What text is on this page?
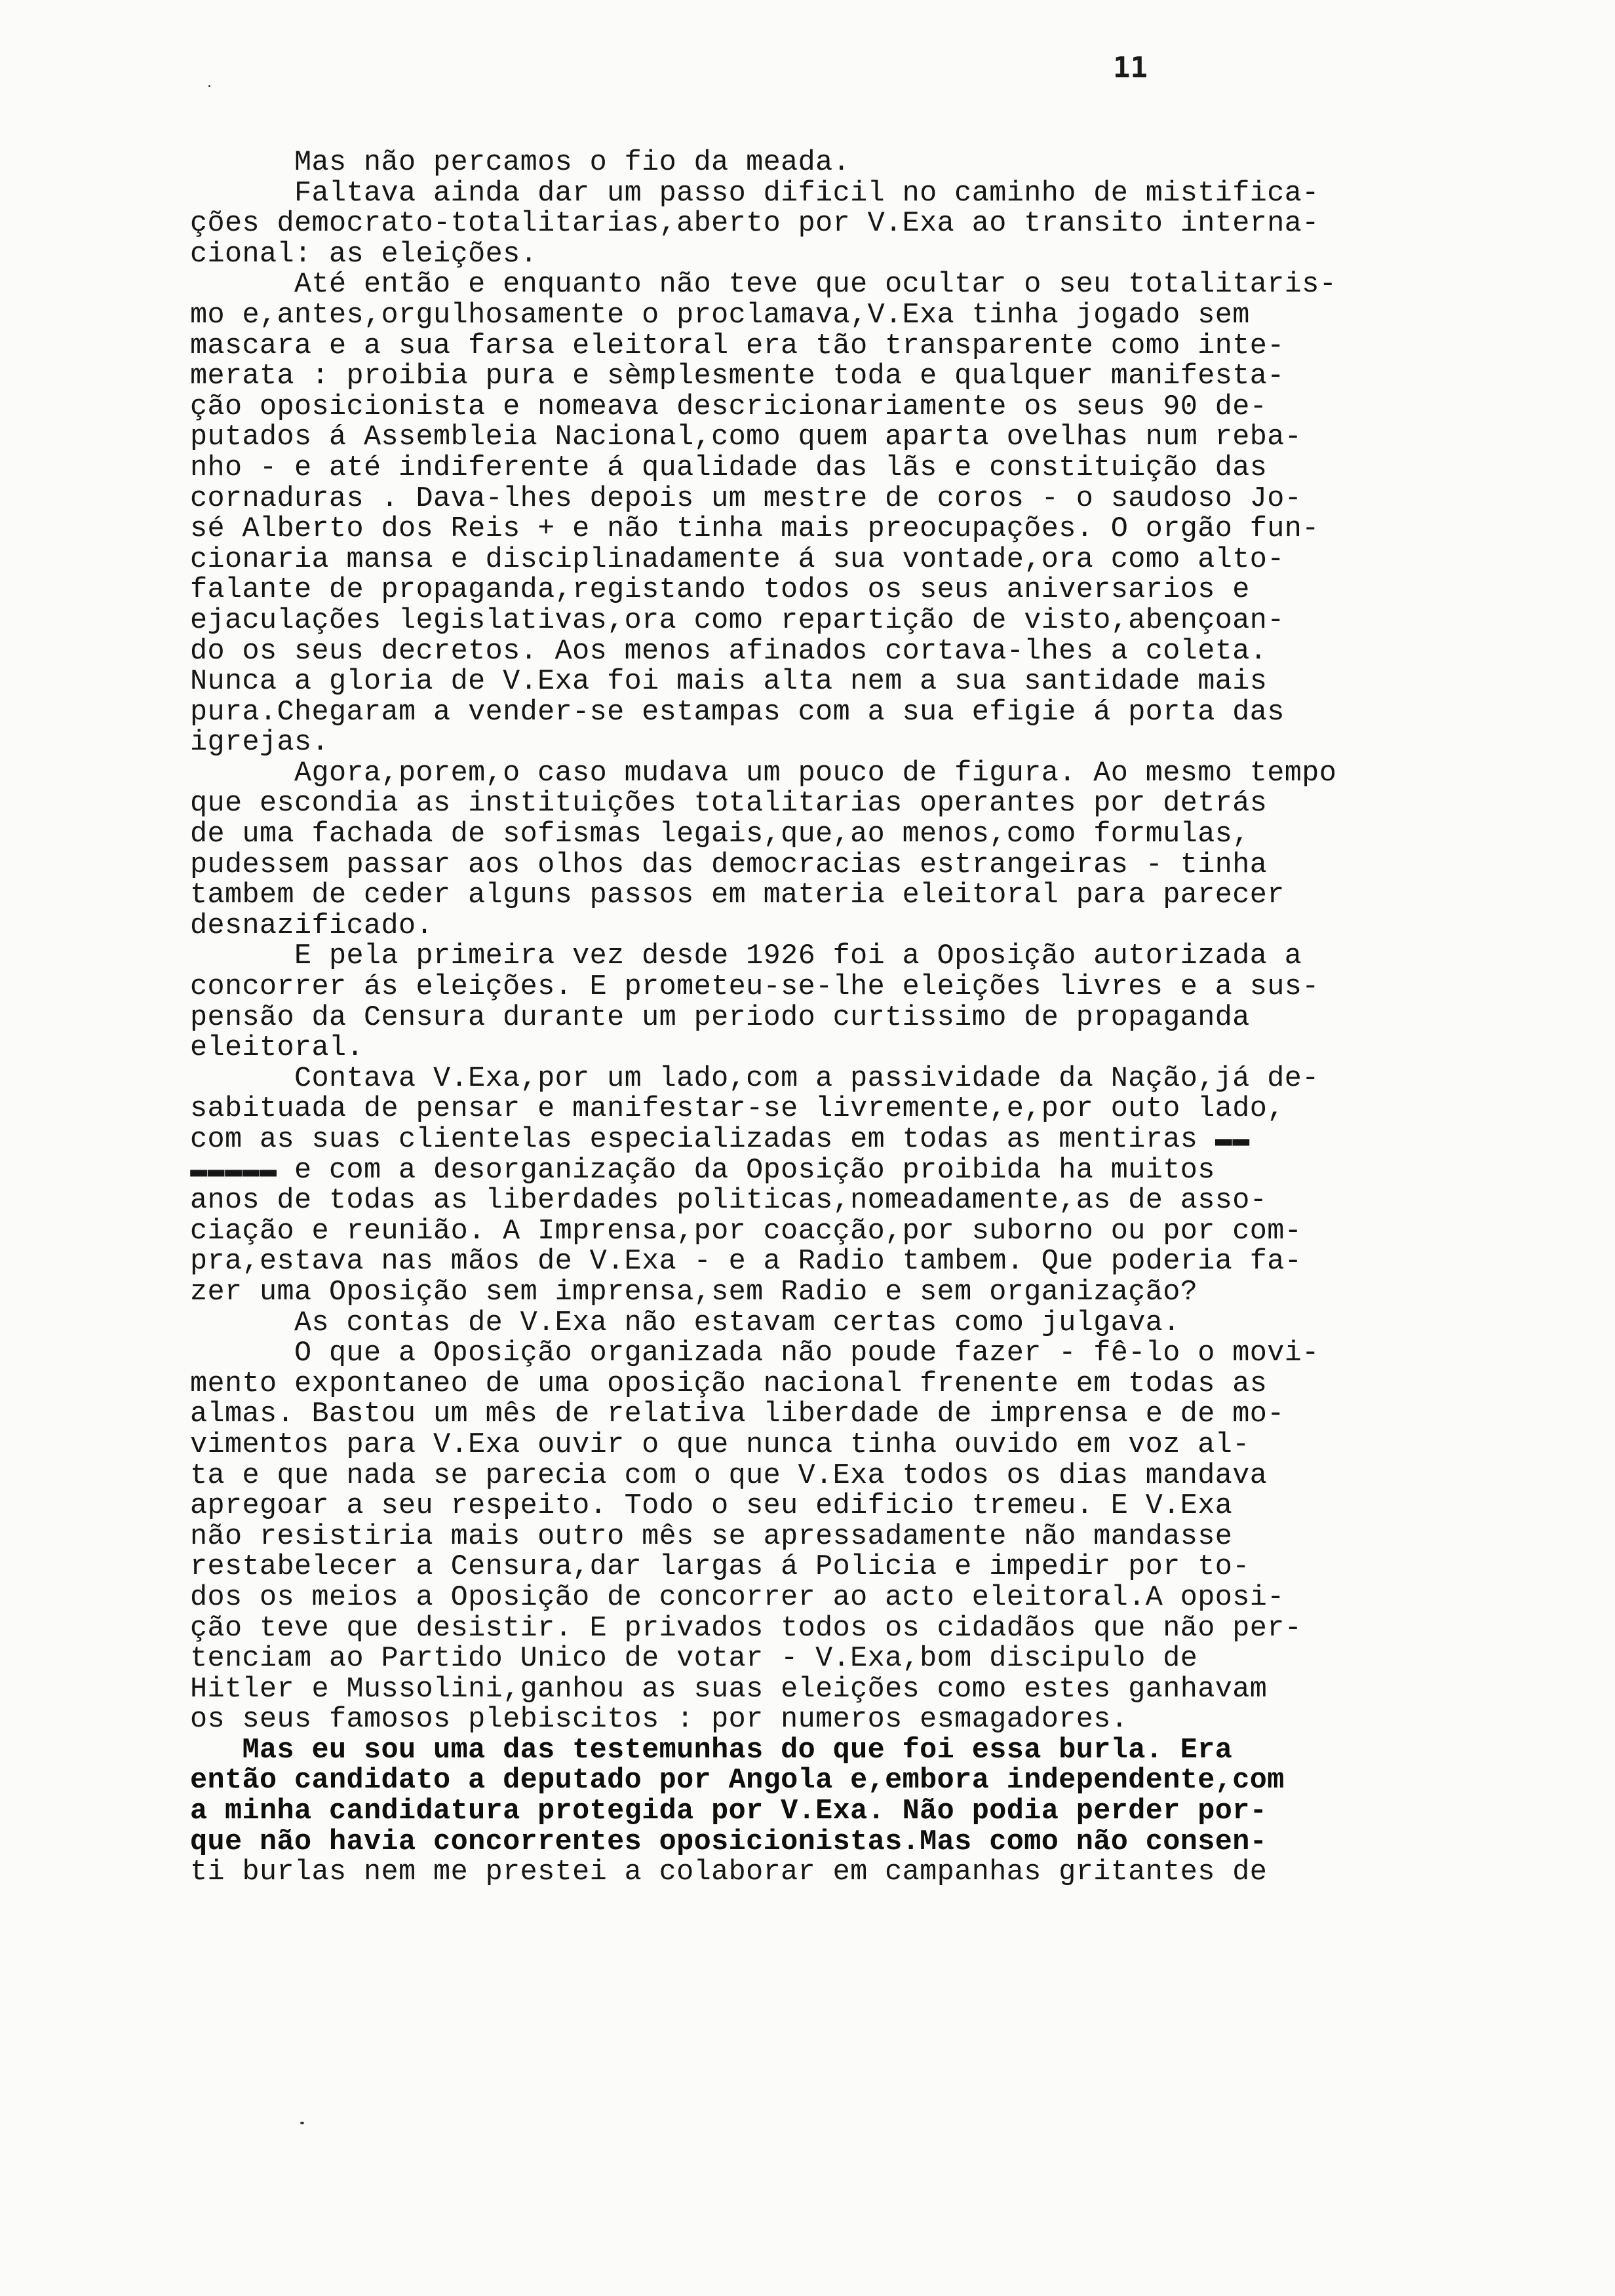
11
Mas não percamos o fio da meada.
Faltava ainda dar um passo dificil no caminho de mistifica-
ções democrato-totalitarias,aberto por V.Exa ao transito interna-
cional: as eleições.
Até então e enquanto não teve que ocultar o seu totalitaris-
mo e,antes,orgulhosamente o proclamava,V.Exa tinha jogado sem
mascara e a sua farsa eleitoral era tão transparente como inte-
merata : proibia pura e sèmplesmente toda e qualquer manifesta-
ção oposicionista e nomeava descricionariamente os seus 90 de-
putados á Assembleia Nacional,como quem aparta ovelhas num reba-
nho - e até indiferente á qualidade das lãs e constituição das
cornaduras . Dava-lhes depois um mestre de coros - o saudoso Jo-
sé Alberto dos Reis + e não tinha mais preocupações. O orgão fun-
cionaria mansa e disciplinadamente á sua vontade,ora como alto-
falante de propaganda,registando todos os seus aniversarios e
ejaculações legislativas,ora como repartição de visto,abençoan-
do os seus decretos. Aos menos afinados cortava-lhes a coleta.
Nunca a gloria de V.Exa foi mais alta nem a sua santidade mais
pura.Chegaram a vender-se estampas com a sua efigie á porta das
igrejas.
Agora,porem,o caso mudava um pouco de figura. Ao mesmo tempo
que escondia as instituições totalitarias operantes por detrás
de uma fachada de sofismas legais,que,ao menos,como formulas,
pudessem passar aos olhos das democracias estrangeiras - tinha
tambem de ceder alguns passos em materia eleitoral para parecer
desnazificado.
E pela primeira vez desde 1926 foi a Oposição autorizada a
concorrer ás eleições. E prometeu-se-lhe eleições livres e a sus-
pensão da Censura durante um periodo curtissimo de propaganda
eleitoral.
Contava V.Exa,por um lado,com a passividade da Nação,já de-
sabituada de pensar e manifestar-se livremente,e,por outo lado,
com as suas clientelas especializadas em todas as mentiras ▬▬
▬▬▬▬▬ e com a desorganização da Oposição proibida ha muitos
anos de todas as liberdades politicas,nomeadamente,as de asso-
ciação e reunião. A Imprensa,por coacção,por suborno ou por com-
pra,estava nas mãos de V.Exa - e a Radio tambem. Que poderia fa-
zer uma Oposição sem imprensa,sem Radio e sem organização?
As contas de V.Exa não estavam certas como julgava.
O que a Oposição organizada não poude fazer - fê-lo o movi-
mento expontaneo de uma oposição nacional frenente em todas as
almas. Bastou um mês de relativa liberdade de imprensa e de mo-
vimentos para V.Exa ouvir o que nunca tinha ouvido em voz al-
ta e que nada se parecia com o que V.Exa todos os dias mandava
apregoar a seu respeito. Todo o seu edificio tremeu. E V.Exa
não resistiria mais outro mês se apressadamente não mandasse
restabelecer a Censura,dar largas á Policia e impedir por to-
dos os meios a Oposição de concorrer ao acto eleitoral.A oposi-
ção teve que desistir. E privados todos os cidadãos que não per-
tenciam ao Partido Unico de votar - V.Exa,bom discipulo de
Hitler e Mussolini,ganhou as suas eleições como estes ganhavam
os seus famosos plebiscitos : por numeros esmagadores.
Mas eu sou uma das testemunhas do que foi essa burla. Era
então candidato a deputado por Angola e,embora independente,com
a minha candidatura protegida por V.Exa. Não podia perder por-
que não havia concorrentes oposicionistas.Mas como não consen-
ti burlas nem me prestei a colaborar em campanhas gritantes de
